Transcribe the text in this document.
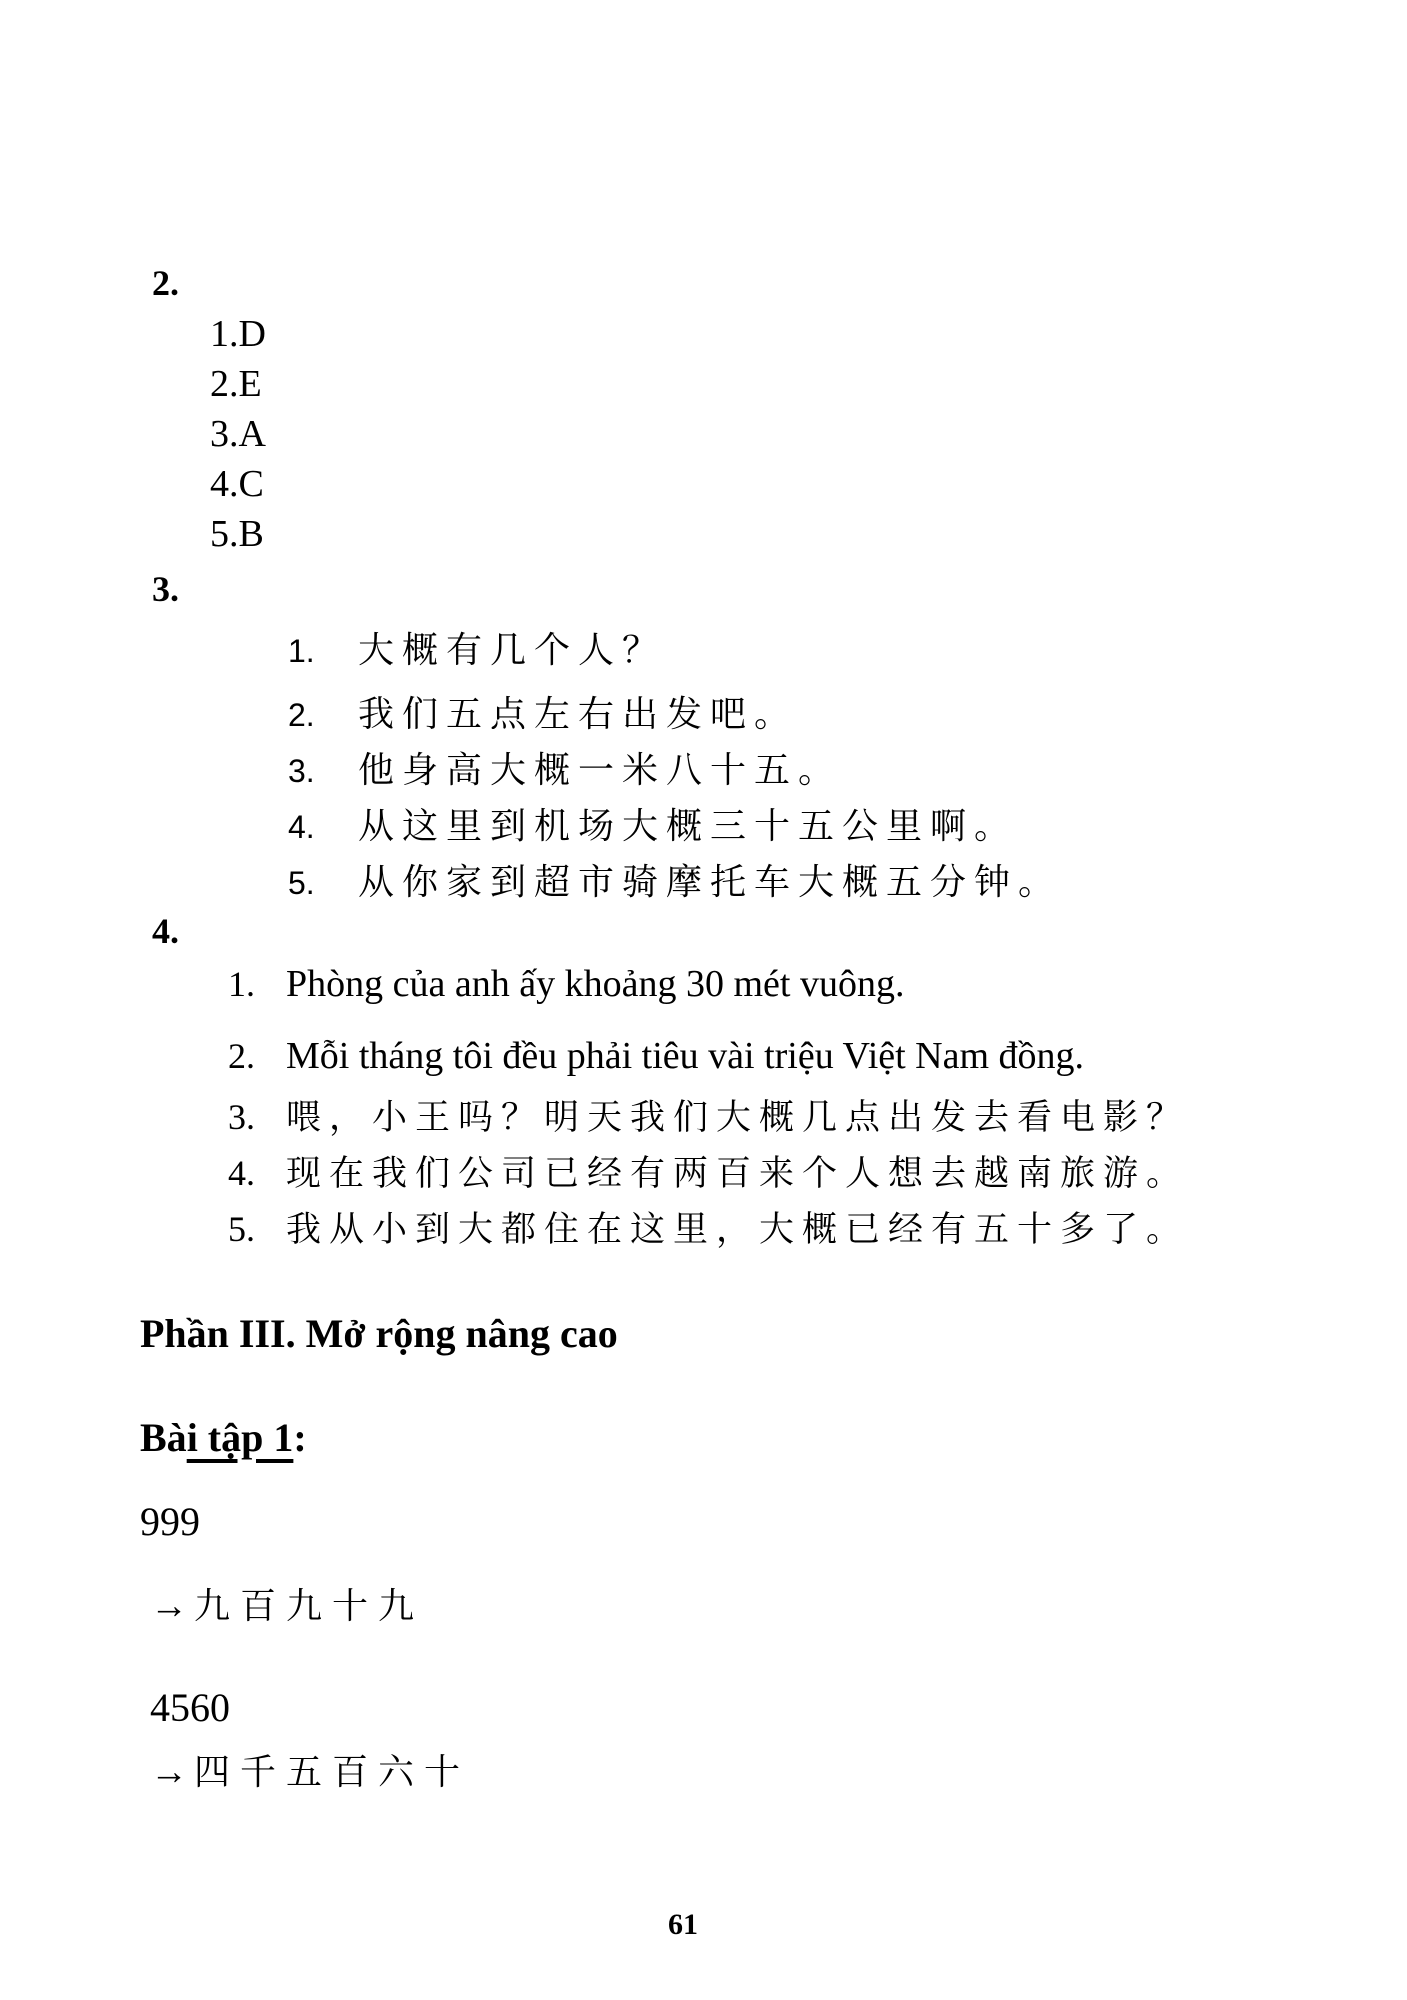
2.
1.D
2.E
3.A
4.C
5.B
3.
1. 大概有几个人？
2. 我们五点左右出发吧。
3. 他身高大概一米八十五。
4. 从这里到机场大概三十五公里啊。
5. 从你家到超市骑摩托车大概五分钟。
4.
1. Phòng của anh ấy khoảng 30 mét vuông.
2. Mỗi tháng tôi đều phải tiêu vài triệu Việt Nam đồng.
3. 喂，小王吗？明天我们大概几点出发去看电影？
4. 现在我们公司已经有两百来个人想去越南旅游。
5. 我从小到大都住在这里，大概已经有五十多了。
Phần III. Mở rộng nâng cao
Bài tập 1:
999
→ 九百九十九
4560
→ 四千五百六十
61
